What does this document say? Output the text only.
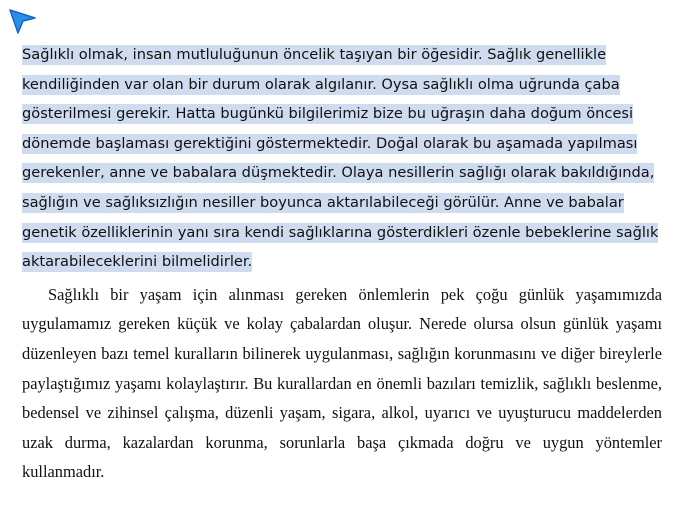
Sağlıklı olmak, insan mutluluğunun öncelik taşıyan bir öğesidir. Sağlık genellikle kendiliğinden var olan bir durum olarak algılanır. Oysa sağlıklı olma uğrunda çaba gösterilmesi gerekir. Hatta bugünkü bilgilerimiz bize bu uğraşın daha doğum öncesi dönemde başlaması gerektiğini göstermektedir. Doğal olarak bu aşamada yapılması gerekenler, anne ve babalara düşmektedir. Olaya nesillerin sağlığı olarak bakıldığında, sağlığın ve sağlıksızlığın nesiller boyunca aktarılabileceği görülür. Anne ve babalar genetik özelliklerinin yanı sıra kendi sağlıklarına gösterdikleri özenle bebeklerine sağlık aktarabileceklerini bilmelidirler.

Sağlıklı bir yaşam için alınması gereken önlemlerin pek çoğu günlük yaşamımızda uygulamamız gereken küçük ve kolay çabalardan oluşur. Nerede olursa olsun günlük yaşamı düzenleyen bazı temel kuralların bilinerek uygulanması, sağlığın korunmasını ve diğer bireylerle paylaştığımız yaşamı kolaylaştırır. Bu kurallardan en önemli bazıları temizlik, sağlıklı beslenme, bedensel ve zihinsel çalışma, düzenli yaşam, sigara, alkol, uyarıcı ve uyuşturucu maddelerden uzak durma, kazalardan korunma, sorunlarla başa çıkmada doğru ve uygun yöntemler kullanmadır.
